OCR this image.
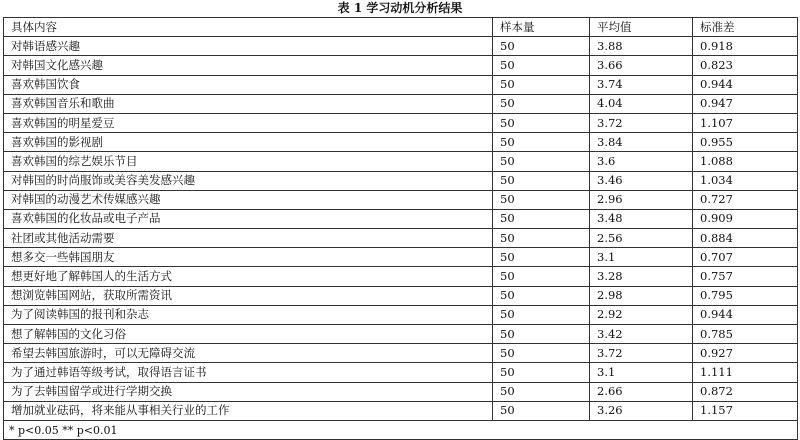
表 1 学习动机分析结果
具体内容	样本量	平均值	标准差
对韩语感兴趣	50	3.88	0.918
对韩国文化感兴趣	50	3.66	0.823
喜欢韩国饮食	50	3.74	0.944
喜欢韩国音乐和歌曲	50	4.04	0.947
喜欢韩国的明星爱豆	50	3.72	1.107
喜欢韩国的影视剧	50	3.84	0.955
喜欢韩国的综艺娱乐节目	50	3.6	1.088
对韩国的时尚服饰或美容美发感兴趣	50	3.46	1.034
对韩国的动漫艺术传媒感兴趣	50	2.96	0.727
喜欢韩国的化妆品或电子产品	50	3.48	0.909
社团或其他活动需要	50	2.56	0.884
想多交一些韩国朋友	50	3.1	0.707
想更好地了解韩国人的生活方式	50	3.28	0.757
想浏览韩国网站，获取所需资讯	50	2.98	0.795
为了阅读韩国的报刊和杂志	50	2.92	0.944
想了解韩国的文化习俗	50	3.42	0.785
希望去韩国旅游时，可以无障碍交流	50	3.72	0.927
为了通过韩语等级考试，取得语言证书	50	3.1	1.111
为了去韩国留学或进行学期交换	50	2.66	0.872
增加就业砝码，将来能从事相关行业的工作	50	3.26	1.157
* p<0.05 ** p<0.01			
